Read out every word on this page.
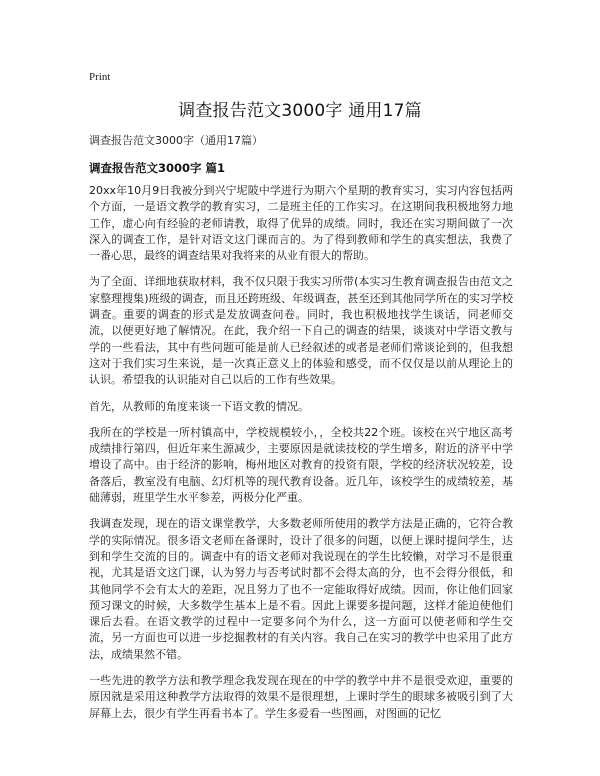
Print
调查报告范文3000字 通用17篇
调查报告范文3000字（通用17篇）
调查报告范文3000字 篇1

20xx年10月9日我被分到兴宁坭陂中学进行为期六个星期的教育实习，实习内容包括两个方面，一是语文教学的教育实习，二是班主任的工作实习。在这期间我积极地努力地工作，虚心向有经验的老师请教，取得了优异的成绩。同时，我还在实习期间做了一次深入的调查工作，是针对语文这门课而言的。为了得到教师和学生的真实想法，我费了一番心思，最终的调查结果对我将来的从业有很大的帮助。

为了全面、详细地获取材料，我不仅只限于我实习所带(本实习生教育调查报告由范文之家整理搜集)班级的调查，而且还跨班级、年级调查，甚至还到其他同学所在的实习学校调查。重要的调查的形式是发放调查问卷。同时，我也积极地找学生谈话，同老师交流，以便更好地了解情况。在此，我介绍一下自己的调查的结果，谈谈对中学语文教与学的一些看法，其中有些问题可能是前人已经叙述的或者是老师们常谈论到的，但我想这对于我们实习生来说，是一次真正意义上的体验和感受，而不仅仅是以前从理论上的认识。希望我的认识能对自己以后的工作有些效果。

首先，从教师的角度来谈一下语文教的情况。

我所在的学校是一所村镇高中，学校规模较小，，全校共22个班。该校在兴宁地区高考成绩排行第四，但近年来生源减少，主要原因是就读技校的学生增多，附近的济平中学增设了高中。由于经济的影响，梅州地区对教育的投资有限，学校的经济状况较差，设备落后，教室没有电脑、幻灯机等的现代教育设备。近几年，该校学生的成绩较差，基础薄弱，班里学生水平参差，两极分化严重。

我调查发现，现在的语文课堂教学，大多数老师所使用的教学方法是正确的，它符合教学的实际情况。很多语文老师在备课时，设计了很多的问题，以便上课时提问学生，达到和学生交流的目的。调查中有的语文老师对我说现在的学生比较懒，对学习不是很重视，尤其是语文这门课，认为努力与否考试时都不会得太高的分，也不会得分很低，和其他同学不会有太大的差距，况且努力了也不一定能取得好成绩。因而，你让他们回家预习课文的时候，大多数学生基本上是不看。因此上课要多提问题，这样才能迫使他们课后去看。在语文教学的过程中一定要多问个为什么，这一方面可以使老师和学生交流，另一方面也可以进一步挖掘教材的有关内容。我自己在实习的教学中也采用了此方法，成绩果然不错。

一些先进的教学方法和教学理念我发现在现在的中学的教学中并不是很受欢迎，重要的原因就是采用这种教学方法取得的效果不是很理想，上课时学生的眼球多被吸引到了大屏幕上去，很少有学生再看书本了。学生多爱看一些图画，对图画的记忆
